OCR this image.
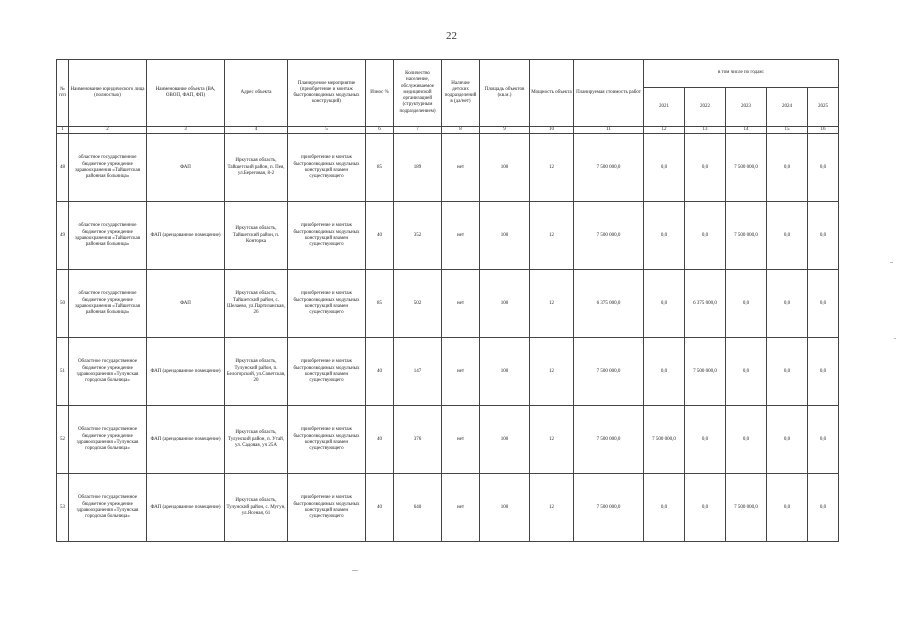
22
№ п/п	Наименование юридического лица (полностью)	Наименование объекта (ВА, ОВОП, ФАП, ФП)	Адрес объекта	Планируемое мероприятие (приобретение и монтаж быстровозводимых модульных конструкций)	Износ %	Количество население, обслуживаемое медицинской организацией (структурным подразделением)	Наличие детских подразделений в (да/нет)	Площадь объектов (кв.м.)	Мощность объекта	Планируемая стоимость работ	в том числе по годам:				
											2021	2022	2023	2024	2025
1	2	3	4	5	6	7	8	9	10	11	12	13	14	15	16
48	областное государственное бюджетное учреждение здравоохранения «Тайшетская районная больница»	ФАП	Иркутская область, Тайшетский район, п. Пея, ул.Береговая, 8-2	приобретение и монтаж быстровозводимых модульных конструкций взамен существующего	85	189	нет	100	12	7 500 000,0	0,0	0,0	7 500 000,0	0,0	0,0
49	областное государственное бюджетное учреждение здравоохранения «Тайшетская районная больница»	ФАП (арендованное помещение)	Иркутская область, Тайшетский район, п. Конторка	приобретение и монтаж быстровозводимых модульных конструкций взамен существующего	40	352	нет	100	12	7 500 000,0	0,0	0,0	7 500 000,0	0,0	0,0
50	областное государственное бюджетное учреждение здравоохранения «Тайшетская районная больница»	ФАП	Иркутская область, Тайшетский район, с. Шелаево, ул.Партизанская, 26	приобретение и монтаж быстровозводимых модульных конструкций взамен существующего	85	502	нет	100	12	6 375 000,0	0,0	6 375 000,0	0,0	0,0	0,0
51	Областное государственное бюджетное учреждение здравоохранения «Тулунская городская больница»	ФАП (арендованное помещение)	Иркутская область, Тулунский район, п. Белогорский, ул.Советская, 20	приобретение и монтаж быстровозводимых модульных конструкций взамен существующего	40	147	нет	100	12	7 500 000,0	0,0	7 500 000,0	0,0	0,0	0,0
52	Областное государственное бюджетное учреждение здравоохранения «Тулунская городская больница»	ФАП (арендованное помещение)	Иркутская область, Тулунский район, п. Утай, ул. Садовая, уч 25А	приобретение и монтаж быстровозводимых модульных конструкций взамен существующего	40	376	нет	100	12	7 500 000,0	7 500 000,0	0,0	0,0	0,0	0,0
53	Областное государственное бюджетное учреждение здравоохранения «Тулунская городская больница»	ФАП (арендованное помещение)	Иркутская область, Тулунский район, с. Мугун, ул.Ясеная, 61	приобретение и монтаж быстровозводимых модульных конструкций взамен существующего	40	640	нет	100	12	7 500 000,0	0,0	0,0	7 500 000,0	0,0	0,0
